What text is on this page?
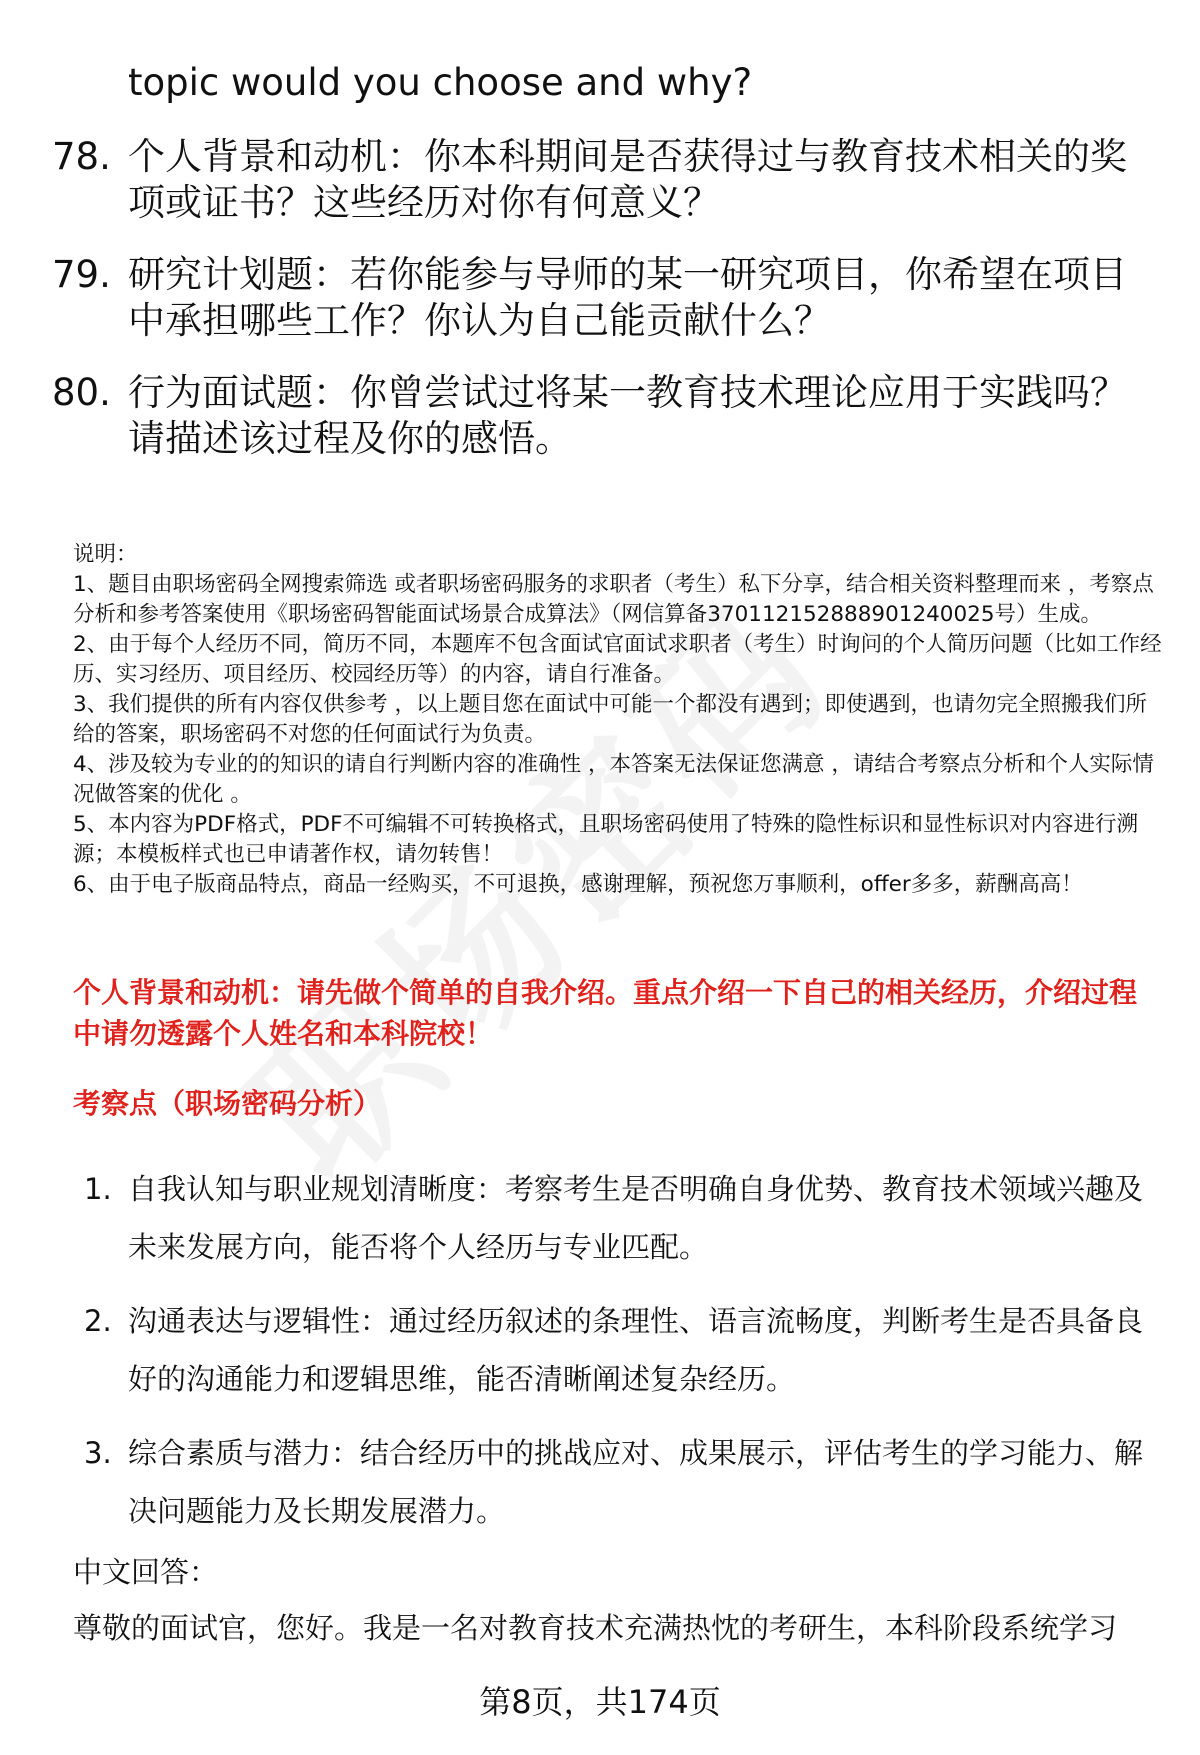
topic would you choose and why?
78. 个人背景和动机：你本科期间是否获得过与教育技术相关的奖项或证书？这些经历对你有何意义？
79. 研究计划题：若你能参与导师的某一研究项目，你希望在项目中承担哪些工作？你认为自己能贡献什么？
80. 行为面试题：你曾尝试过将某一教育技术理论应用于实践吗？请描述该过程及你的感悟。
说明：
1、题目由职场密码全网搜索筛选 或者职场密码服务的求职者（考生）私下分享，结合相关资料整理而来 ，考察点分析和参考答案使用《职场密码智能面试场景合成算法》（网信算备370112152888901240025号）生成。
2、由于每个人经历不同，简历不同，本题库不包含面试官面试求职者（考生）时询问的个人简历问题（比如工作经历、实习经历、项目经历、校园经历等）的内容，请自行准备。
3、我们提供的所有内容仅供参考 ，以上题目您在面试中可能一个都没有遇到；即使遇到，也请勿完全照搬我们所给的答案，职场密码不对您的任何面试行为负责。
4、涉及较为专业的的知识的请自行判断内容的准确性 ，本答案无法保证您满意 ，请结合考察点分析和个人实际情况做答案的优化 。
5、本内容为PDF格式，PDF不可编辑不可转换格式，且职场密码使用了特殊的隐性标识和显性标识对内容进行溯源；本模板样式也已申请著作权，请勿转售！
6、由于电子版商品特点，商品一经购买，不可退换，感谢理解，预祝您万事顺利，offer多多，薪酬高高！
个人背景和动机：请先做个简单的自我介绍。重点介绍一下自己的相关经历，介绍过程中请勿透露个人姓名和本科院校！
考察点（职场密码分析）
1. 自我认知与职业规划清晰度：考察考生是否明确自身优势、教育技术领域兴趣及未来发展方向，能否将个人经历与专业匹配。
2. 沟通表达与逻辑性：通过经历叙述的条理性、语言流畅度，判断考生是否具备良好的沟通能力和逻辑思维，能否清晰阐述复杂经历。
3. 综合素质与潜力：结合经历中的挑战应对、成果展示，评估考生的学习能力、解决问题能力及长期发展潜力。
中文回答：
尊敬的面试官，您好。我是一名对教育技术充满热忱的考研生，本科阶段系统学习
第8页，共174页
